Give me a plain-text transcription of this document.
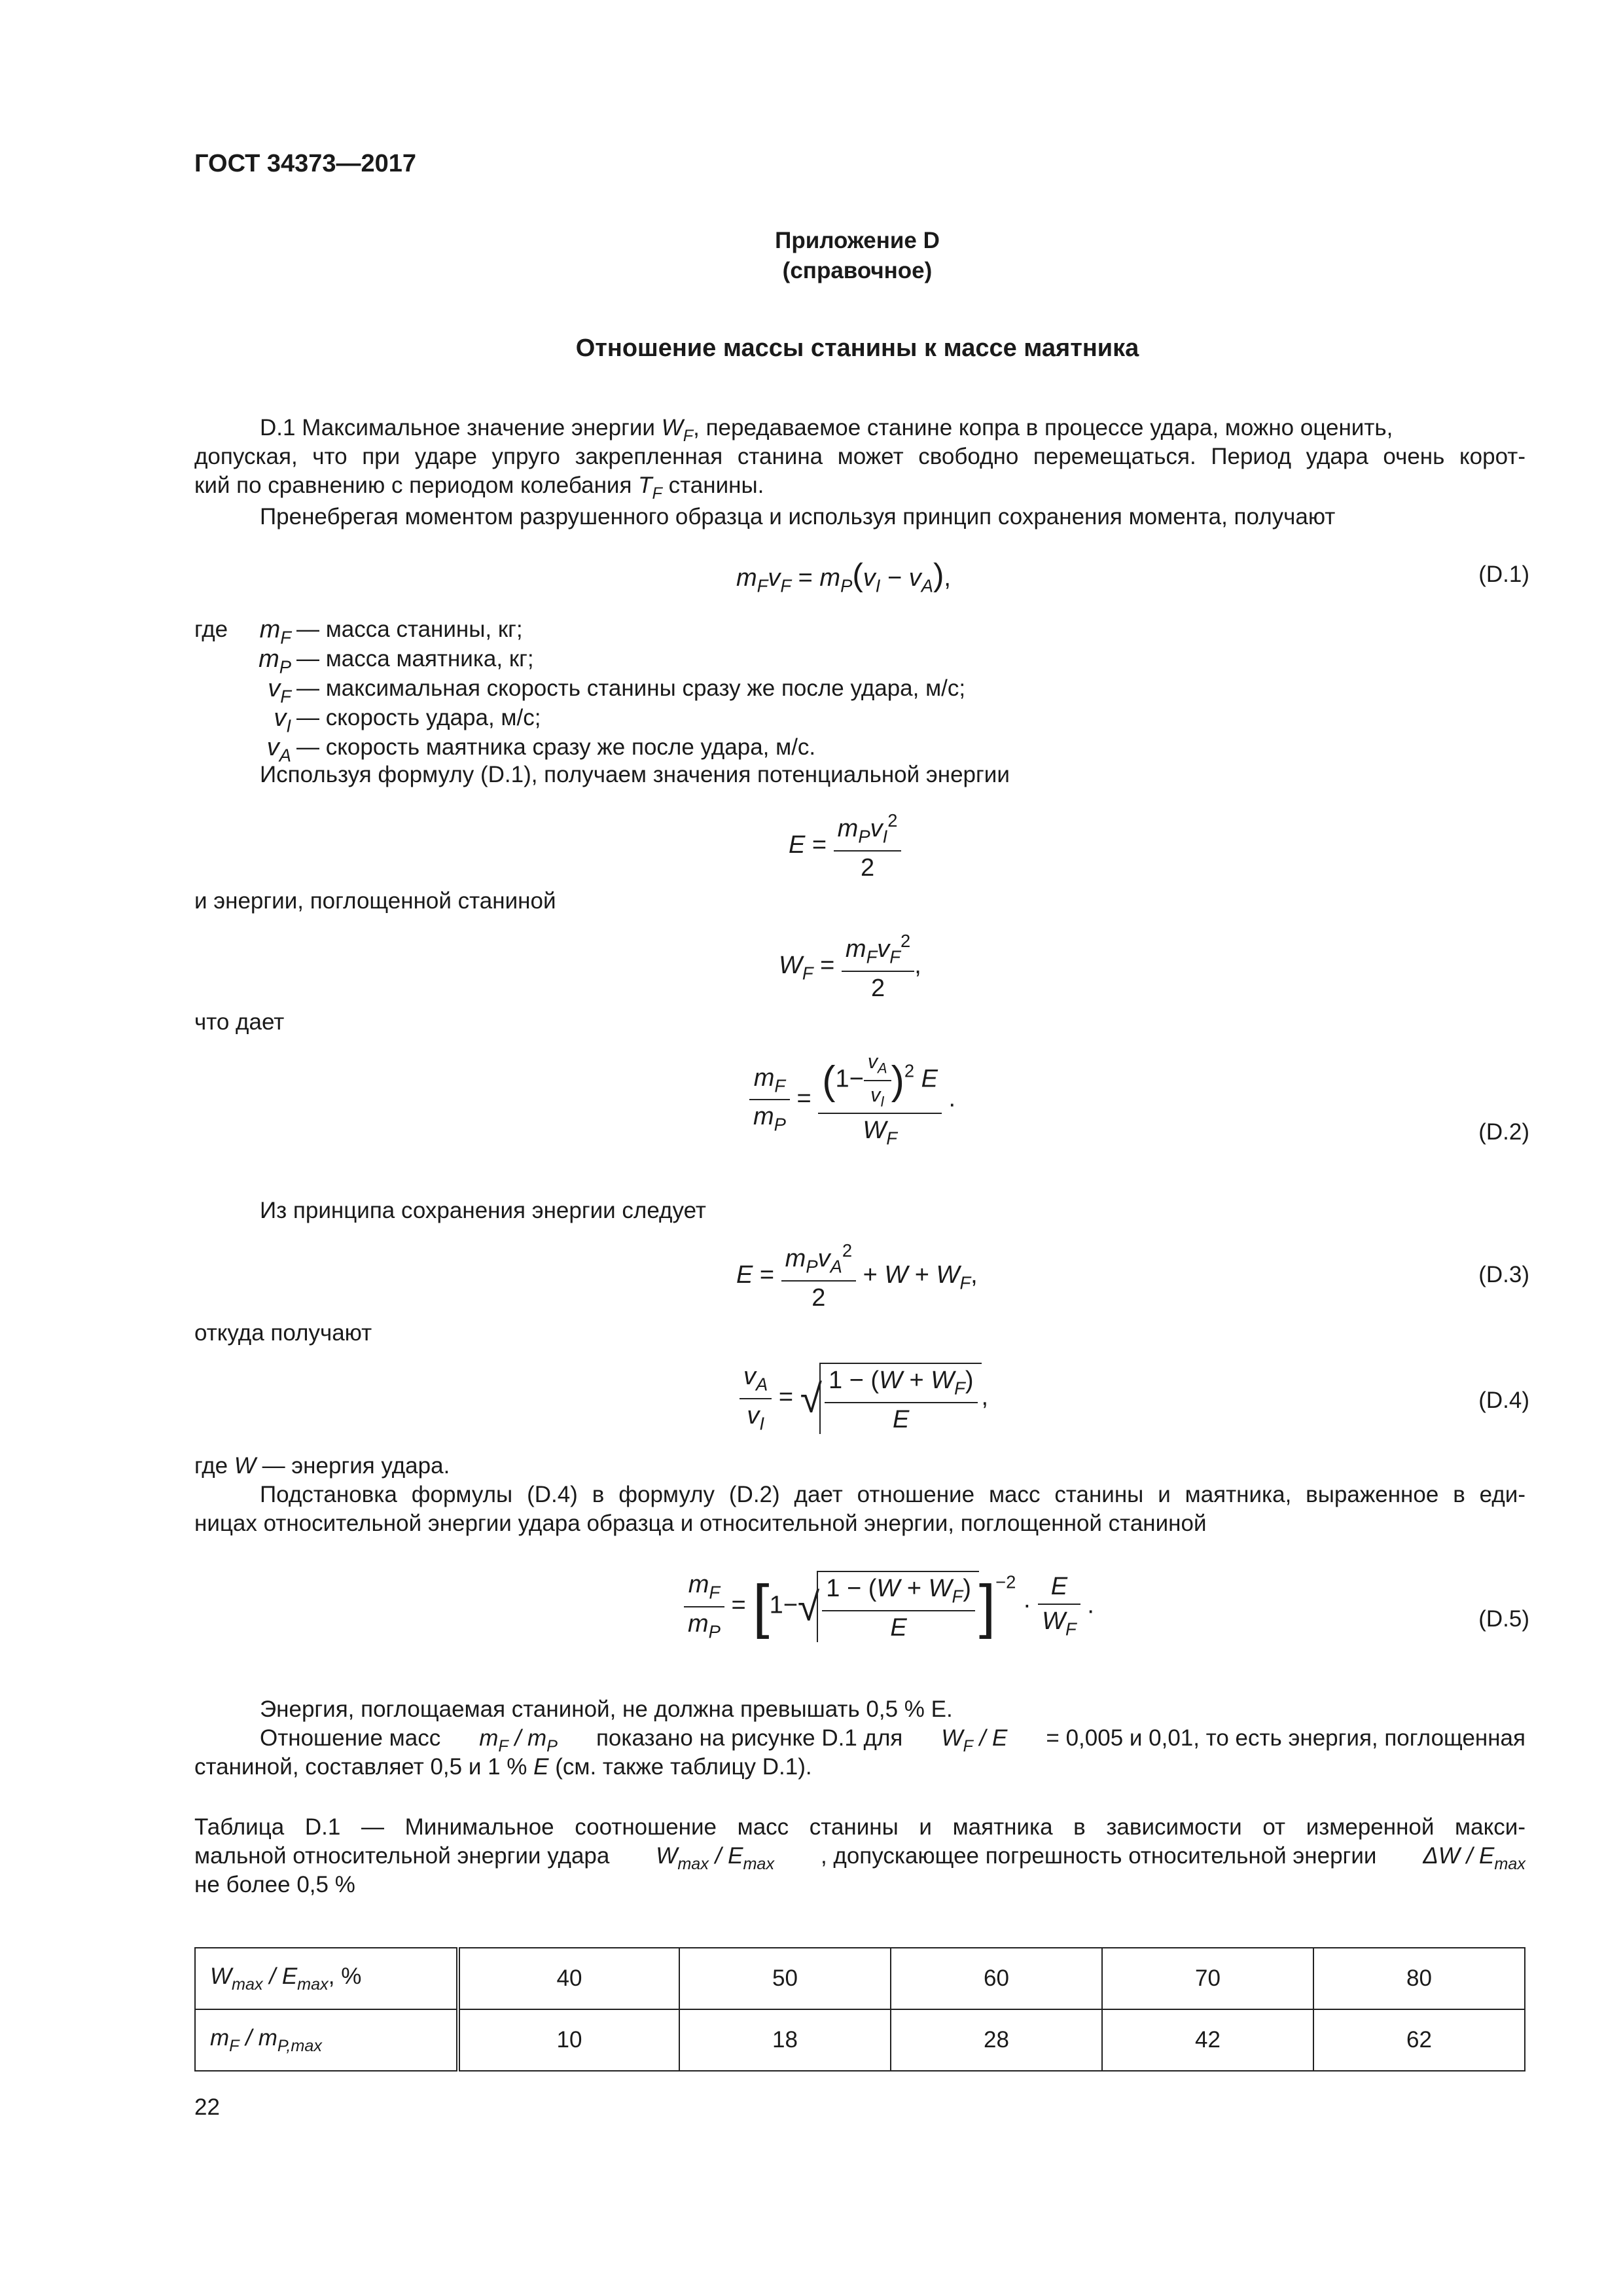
ГОСТ 34373—2017
Приложение D
(справочное)
Отношение массы станины к массе маятника
D.1 Максимальное значение энергии $W_F$, передаваемое станине копра в процессе удара, можно оценить,
допуская, что при ударе упруго закрепленная станина может свободно перемещаться. Период удара очень корот-
кий по сравнению с периодом колебания $T_F$ станины.
Пренебрегая моментом разрушенного образца и используя принцип сохранения момента, получают
$m_Fv_F = m_P(v_I - v_A)$,	(D.1)
где $m_F$ — масса станины, кг;
$m_P$ — масса маятника, кг;
$v_F$ — максимальная скорость станины сразу же после удара, м/с;
$v_I$ — скорость удара, м/с;
$v_A$ — скорость маятника сразу же после удара, м/с.
Используя формулу (D.1), получаем значения потенциальной энергии
$E = \frac{m_Pv_I^2}{2}$
и энергии, поглощенной станиной
$W_F = \frac{m_Fv_F^2}{2}$ ,
что дает
$\frac{m_F}{m_P} = \frac{(1- \frac{v_A}{v_I} )^2 E}{W_F}$ .
(D.2)
Из принципа сохранения энергии следует
$E = \frac{m_Pv_A^2}{2} + W + W_F$,	(D.3)
откуда получают
$\frac{v_A}{v_I}$ = √ $\frac{1 - (W + W_F)}{E}$ ,	(D.4)
где W — энергия удара.
Подстановка формулы (D.4) в формулу (D.2) дает отношение масс станины и маятника, выраженное в еди-
ницах относительной энергии удара образца и относительной энергии, поглощенной станиной
$\frac{m_F}{m_P} = [1-√ \frac{1 - (W + W_F)}{E} ]^{-2} \cdot \frac{E}{W_F}$ .	(D.5)
Энергия, поглощаемая станиной, не должна превышать 0,5 % Е.
Отношение масс $m_F / m_P$ показано на рисунке D.1 для $W_F / E = 0,005$ и 0,01, то есть энергия, поглощенная
станиной, составляет 0,5 и 1 % E (см. также таблицу D.1).
Таблица D.1 — Минимальное соотношение масс станины и маятника в зависимости от измеренной макси-
мальной относительной энергии удара $W_{max} / E_{max}$ , допускающее погрешность относительной энергии ΔW / $E_{max}$
не более 0,5 %
$W_{max} / E_{max}$, %	40	50	60	70	80
$m_F / m_{P,max}$	10	18	28	42	62
22
